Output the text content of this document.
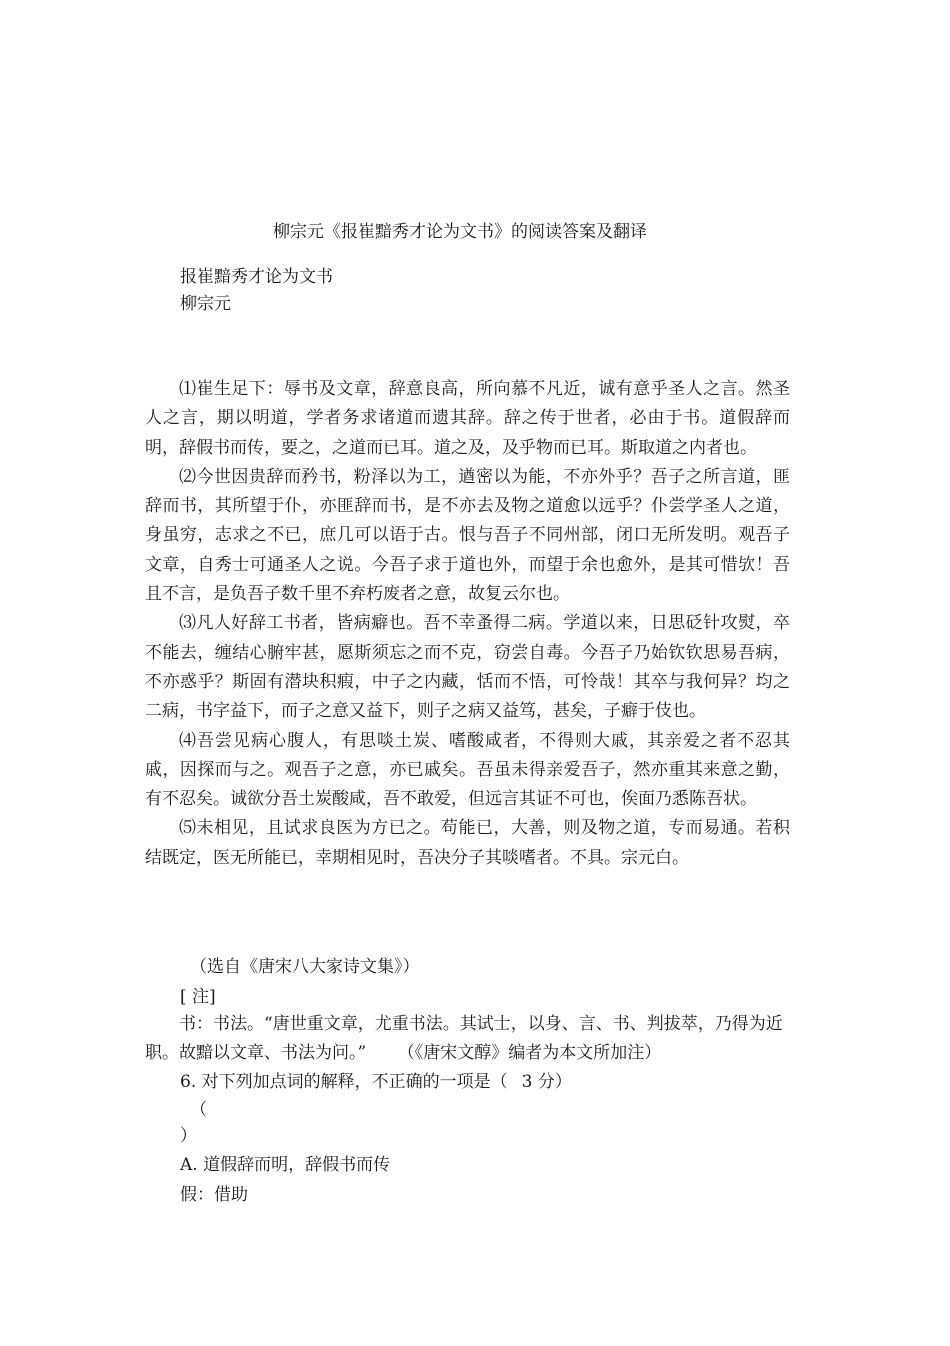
柳宗元《报崔黯秀才论为文书》的阅读答案及翻译
报崔黯秀才论为文书
柳宗元

⑴崔生足下：辱书及文章，辞意良高，所向慕不凡近，诚有意乎圣人之言。然圣人之言，期以明道，学者务求诸道而遗其辞。辞之传于世者，必由于书。道假辞而明，辞假书而传，要之，之道而已耳。道之及，及乎物而已耳。斯取道之内者也。

⑵今世因贵辞而矜书，粉泽以为工，遒密以为能，不亦外乎？吾子之所言道，匪辞而书，其所望于仆，亦匪辞而书，是不亦去及物之道愈以远乎？仆尝学圣人之道，身虽穷，志求之不已，庶几可以语于古。恨与吾子不同州部，闭口无所发明。观吾子文章，自秀士可通圣人之说。今吾子求于道也外，而望于余也愈外，是其可惜欤！吾且不言，是负吾子数千里不弃朽废者之意，故复云尔也。

⑶凡人好辞工书者，皆病癖也。吾不幸蚤得二病。学道以来，日思砭针攻熨，卒不能去，缠结心腑牢甚，愿斯须忘之而不克，窃尝自毒。今吾子乃始钦钦思易吾病，不亦惑乎？斯固有潜块积瘕，中子之内藏，恬而不悟，可怜哉！其卒与我何异？均之二病，书字益下，而子之意又益下，则子之病又益笃，甚矣，子癖于伎也。

⑷吾尝见病心腹人，有思啖土炭、嗜酸咸者，不得则大戚，其亲爱之者不忍其戚，因探而与之。观吾子之意，亦已戚矣。吾虽未得亲爱吾子，然亦重其来意之勤，有不忍矣。诚欲分吾土炭酸咸，吾不敢爱，但远言其证不可也，俟面乃悉陈吾状。

⑸未相见，且试求良医为方已之。苟能已，大善，则及物之道，专而易通。若积结既定，医无所能已，幸期相见时，吾决分子其啖嗜者。不具。宗元白。

（选自《唐宋八大家诗文集》）
[ 注]
书：书法。“唐世重文章，尤重书法。其试士，以身、言、书、判拔萃，乃得为近职。故黯以文章、书法为问。” （《唐宋文醇》编者为本文所加注）
6. 对下列加点词的解释，不正确的一项是（ 3 分）
（
）
A. 道假辞而明，辞假书而传
假：借助
